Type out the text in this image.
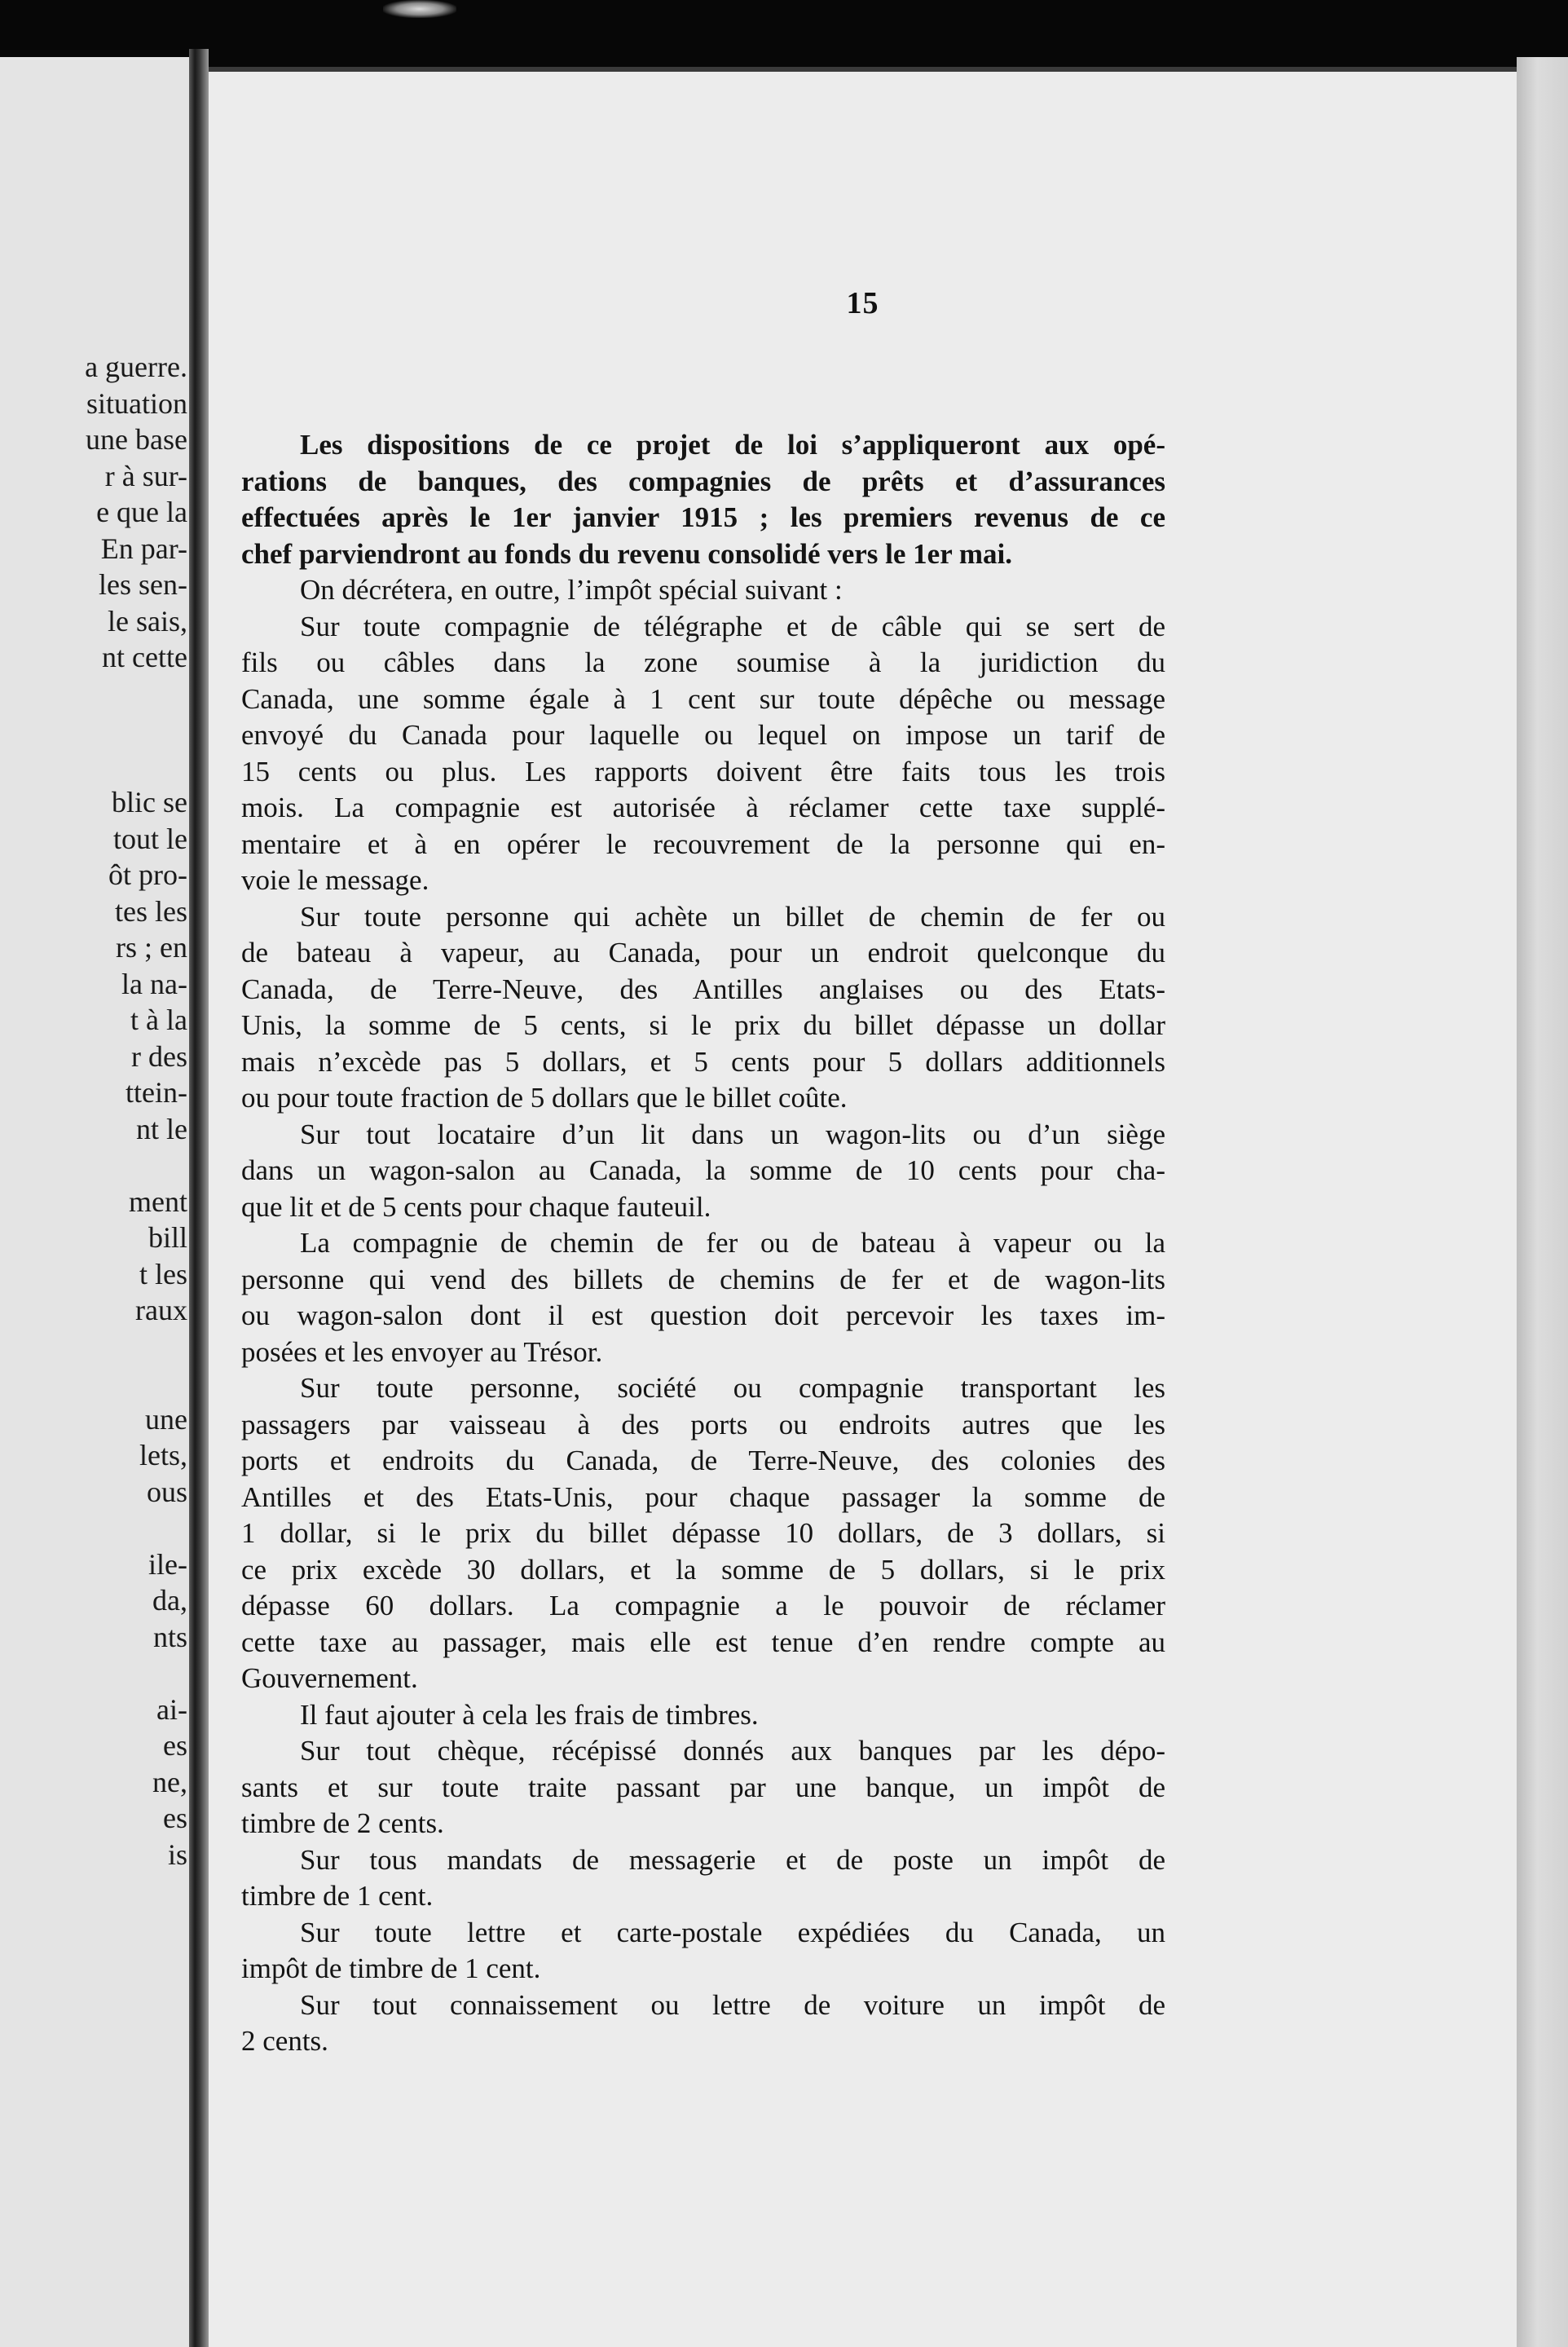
a guerre.
situation
une base
r à sur-
e que la
En par-
les sen-
le sais,
nt cette
blic se
tout le
ôt pro-
tes les
rs ; en
la na-
t à la
r des
ttein-
nt le
ment
bill
t les
raux
une
lets,
ous
ile-
da,
nts
ai-
es
ne,
es
is
15
Les dispositions de ce projet de loi s’appliqueront aux opé-
rations de banques, des compagnies de prêts et d’assurances
effectuées après le 1er janvier 1915 ; les premiers revenus de ce
chef parviendront au fonds du revenu consolidé vers le 1er mai.
On décrétera, en outre, l’impôt spécial suivant :
Sur toute compagnie de télégraphe et de câble qui se sert de
fils ou câbles dans la zone soumise à la juridiction du
Canada, une somme égale à 1 cent sur toute dépêche ou message
envoyé du Canada pour laquelle ou lequel on impose un tarif de
15 cents ou plus. Les rapports doivent être faits tous les trois
mois. La compagnie est autorisée à réclamer cette taxe supplé-
mentaire et à en opérer le recouvrement de la personne qui en-
voie le message.
Sur toute personne qui achète un billet de chemin de fer ou
de bateau à vapeur, au Canada, pour un endroit quelconque du
Canada, de Terre-Neuve, des Antilles anglaises ou des Etats-
Unis, la somme de 5 cents, si le prix du billet dépasse un dollar
mais n’excède pas 5 dollars, et 5 cents pour 5 dollars additionnels
ou pour toute fraction de 5 dollars que le billet coûte.
Sur tout locataire d’un lit dans un wagon-lits ou d’un siège
dans un wagon-salon au Canada, la somme de 10 cents pour cha-
que lit et de 5 cents pour chaque fauteuil.
La compagnie de chemin de fer ou de bateau à vapeur ou la
personne qui vend des billets de chemins de fer et de wagon-lits
ou wagon-salon dont il est question doit percevoir les taxes im-
posées et les envoyer au Trésor.
Sur toute personne, société ou compagnie transportant les
passagers par vaisseau à des ports ou endroits autres que les
ports et endroits du Canada, de Terre-Neuve, des colonies des
Antilles et des Etats-Unis, pour chaque passager la somme de
1 dollar, si le prix du billet dépasse 10 dollars, de 3 dollars, si
ce prix excède 30 dollars, et la somme de 5 dollars, si le prix
dépasse 60 dollars. La compagnie a le pouvoir de réclamer
cette taxe au passager, mais elle est tenue d’en rendre compte au
Gouvernement.
Il faut ajouter à cela les frais de timbres.
Sur tout chèque, récépissé donnés aux banques par les dépo-
sants et sur toute traite passant par une banque, un impôt de
timbre de 2 cents.
Sur tous mandats de messagerie et de poste un impôt de
timbre de 1 cent.
Sur toute lettre et carte-postale expédiées du Canada, un
impôt de timbre de 1 cent.
Sur tout connaissement ou lettre de voiture un impôt de
2 cents.
